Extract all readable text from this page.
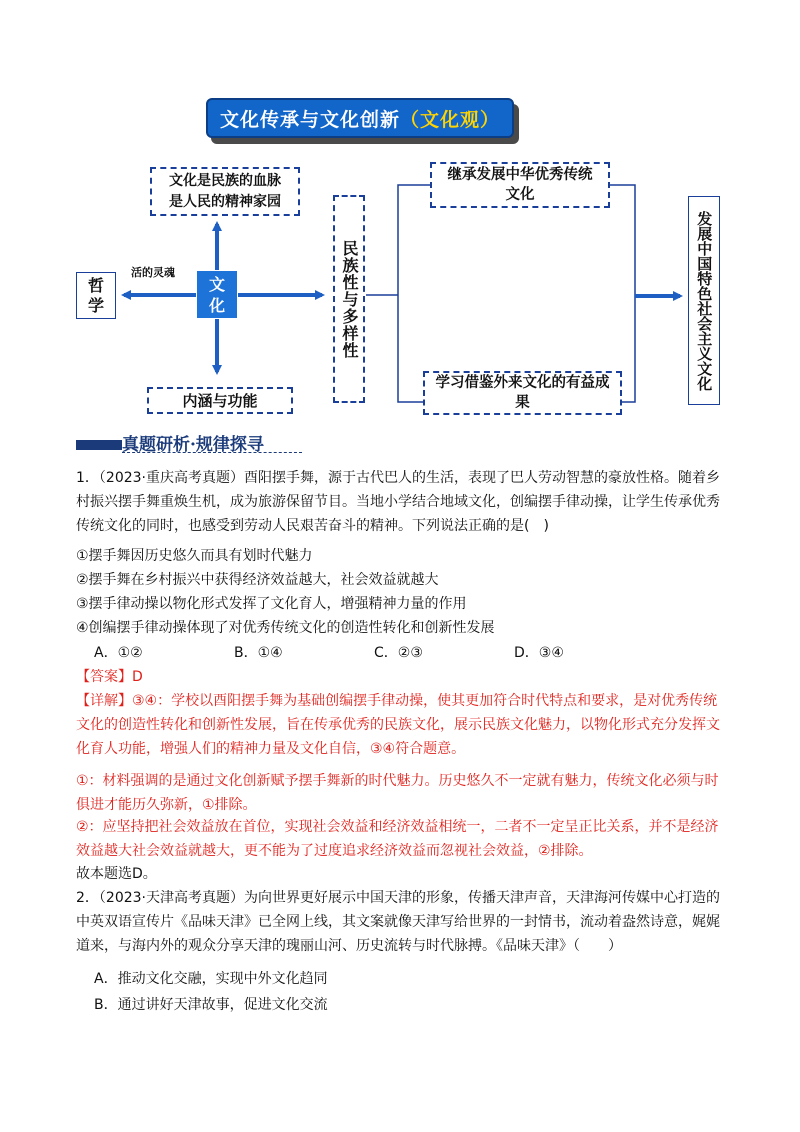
文化传承与文化创新 （ 文化观 ）
文化是民族的血脉
是人民的精神家园
哲学
活的灵魂
文化
内涵与功能
民族性与多样性
继承发展中华优秀传统文化
学习借鉴外来文化的有益成果
发展中国特色社会主义文化
真题研析·规律探寻
1．（2023·重庆高考真题）酉阳摆手舞，源于古代巴人的生活，表现了巴人劳动智慧的豪放性格。随着乡村振兴摆手舞重焕生机，成为旅游保留节目。当地小学结合地域文化，创编摆手律动操，让学生传承优秀传统文化的同时，也感受到劳动人民艰苦奋斗的精神。下列说法正确的是(　)
①摆手舞因历史悠久而具有划时代魅力
②摆手舞在乡村振兴中获得经济效益越大，社会效益就越大
③摆手律动操以物化形式发挥了文化育人，增强精神力量的作用
④创编摆手律动操体现了对优秀传统文化的创造性转化和创新性发展
A．①②	B．①④	C．②③	D．③④
【答案】D
【详解】③④：学校以酉阳摆手舞为基础创编摆手律动操，使其更加符合时代特点和要求，是对优秀传统文化的创造性转化和创新性发展，旨在传承优秀的民族文化，展示民族文化魅力，以物化形式充分发挥文化育人功能，增强人们的精神力量及文化自信，③④符合题意。
①：材料强调的是通过文化创新赋予摆手舞新的时代魅力。历史悠久不一定就有魅力，传统文化必须与时俱进才能历久弥新，①排除。
②：应坚持把社会效益放在首位，实现社会效益和经济效益相统一，二者不一定呈正比关系，并不是经济效益越大社会效益就越大，更不能为了过度追求经济效益而忽视社会效益，②排除。
故本题选D。
2．（2023·天津高考真题）为向世界更好展示中国天津的形象，传播天津声音，天津海河传媒中心打造的中英双语宣传片《品味天津》已全网上线，其文案就像天津写给世界的一封情书，流动着盎然诗意，娓娓道来，与海内外的观众分享天津的瑰丽山河、历史流转与时代脉搏。《品味天津》（　　）
A．推动文化交融，实现中外文化趋同
B．通过讲好天津故事，促进文化交流
